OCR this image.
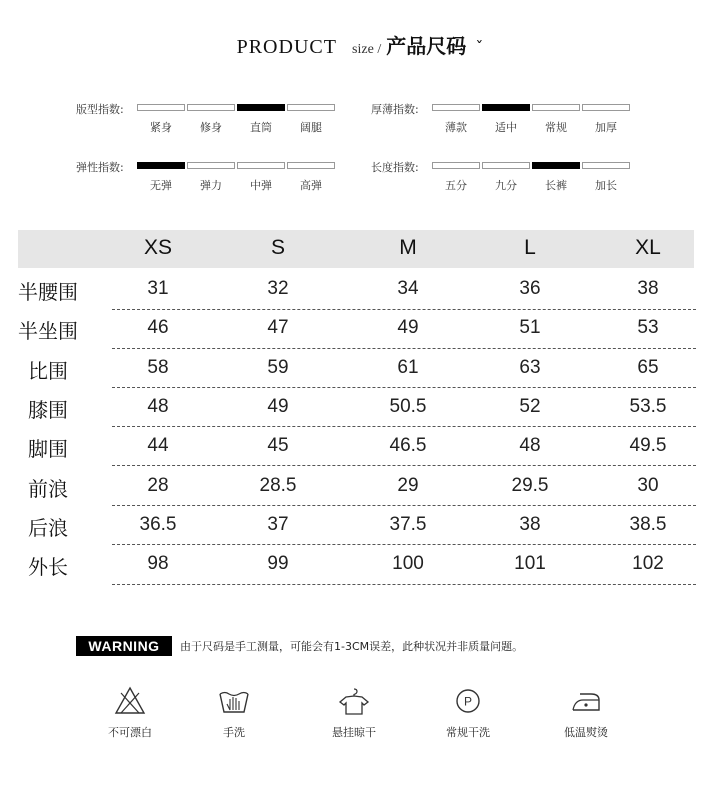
PRODUCT size / 产品尺码 ˇ
版型指数:
紧身	修身	直筒	阔腿
厚薄指数:
薄款	适中	常规	加厚
弹性指数:
无弹	弹力	中弹	高弹
长度指数:
五分	九分	长裤	加长
XS	S	M	L	XL
半腰围	31	32	34	36	38
半坐围	46	47	49	51	53
比围	58	59	61	63	65
膝围	48	49	50.5	52	53.5
脚围	44	45	46.5	48	49.5
前浪	28	28.5	29	29.5	30
后浪	36.5	37	37.5	38	38.5
外长	98	99	100	101	102
WARNING	由于尺码是手工测量，可能会有1-3CM误差，此种状况并非质量问题。
不可漂白	手洗	悬挂晾干
P
常规干洗	低温熨烫
